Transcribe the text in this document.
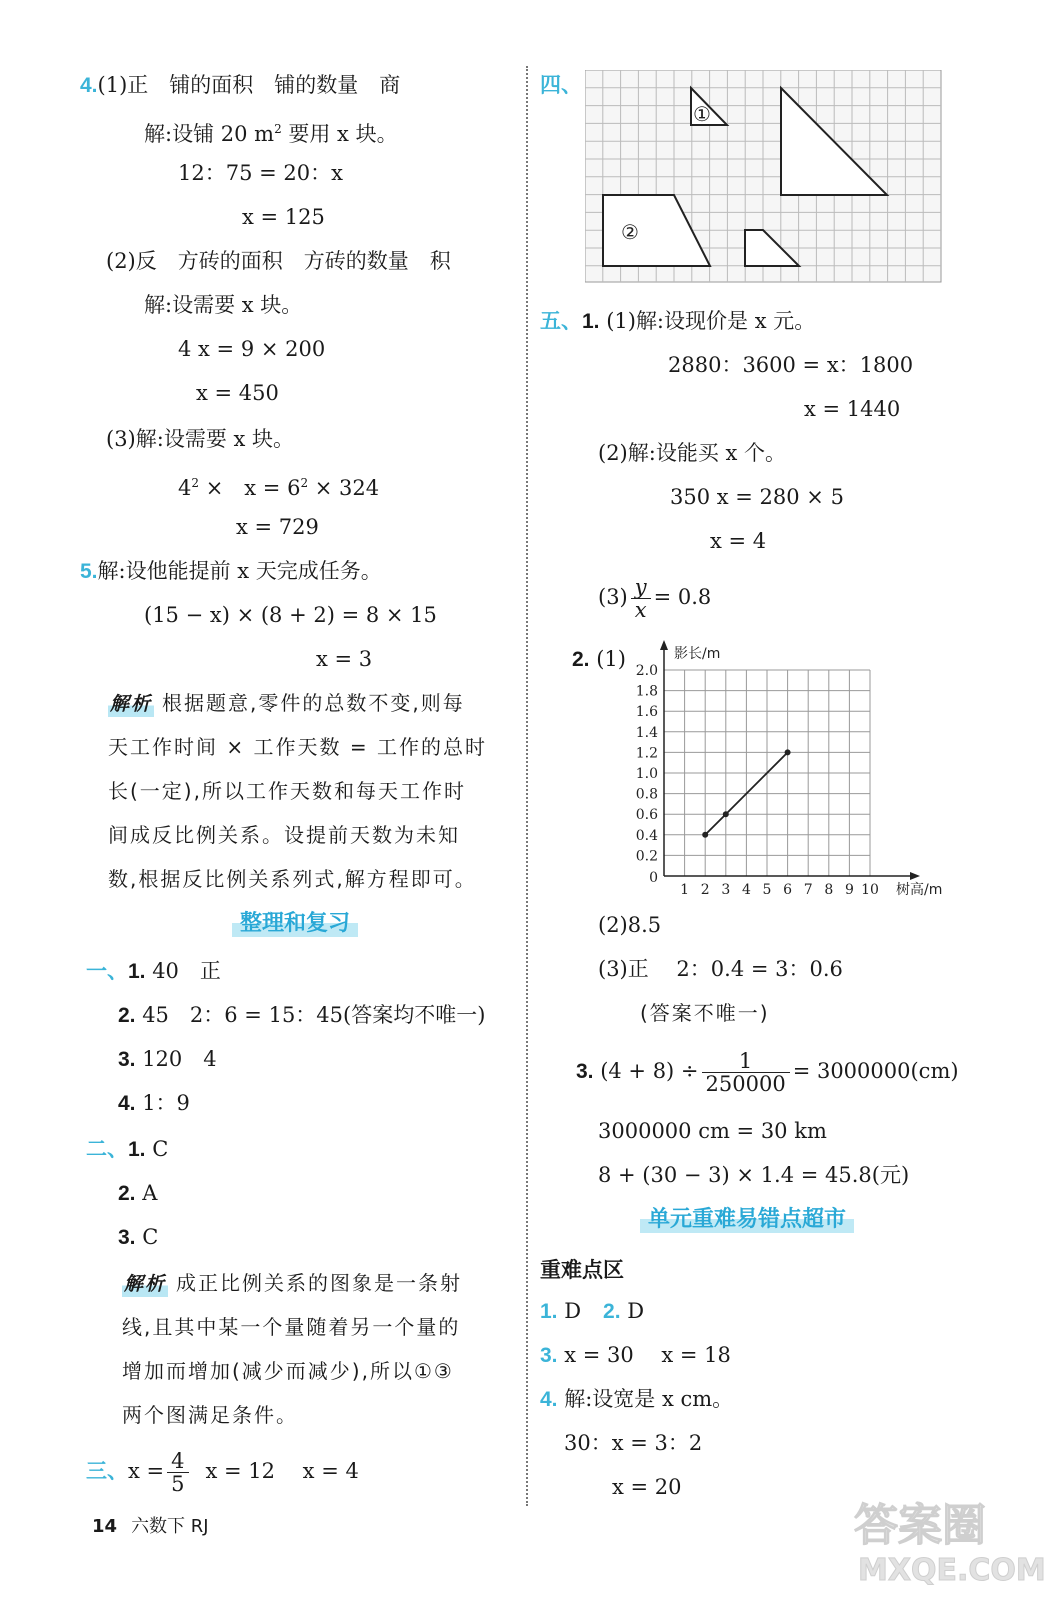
4.(1)正　铺的面积　铺的数量　商
解:设铺 20 $m^2$ 要用 x 块。
12：75 = 20：x
x = 125
(2)反　方砖的面积　方砖的数量　积
解:设需要 x 块。
4 x = 9 × 200
x = 450
(3)解:设需要 x 块。
$4^2$ ×　$x = 6^2 \times 324$
x = 729
5.解:设他能提前 x 天完成任务。
(15 − x) × (8 + 2) = 8 × 15
x = 3
解析 根据题意,零件的总数不变,则每
天工作时间 × 工作天数 = 工作的总时
长(一定),所以工作天数和每天工作时
间成反比例关系。设提前天数为未知
数,根据反比例关系列式,解方程即可。
整理和复习
一、1. 40　正
2. 45　2：6 = 15：45(答案均不唯一)
3. 120　4
4. 1：9
二、1. C
2. A
3. C
解析 成正比例关系的图象是一条射
线,且其中某一个量随着另一个量的
增加而增加(减少而减少),所以①③
两个图满足条件。
三、$x = \frac{4}{5}$ x = 12　 x = 4
四、
①
②
五、1. (1)解:设现价是 x 元。
2880：3600 = x：1800
x = 1440
(2)解:设能买 x 个。
350 x = 280 × 5
x = 4
$(3) \frac{y}{x} = 0.8$
2. (1)
1 2 3 4 5 6 7 8 9 10
0.2
0.4
0.6
0.8
1.0
1.2
1.4
1.6
1.8
2.0
0
树高/m
影长/m
(2)8.5
(3)正　 2：0.4 = 3：0.6
(答案不唯一)
3. $(4 + 8) \div \frac{1}{250000} = 3000000(cm)$
3000000 cm = 30 km
8 + (30 − 3) × 1.4 = 45.8(元)
单元重难易错点超市
重难点区
1. D 2. D
3. x = 30　 x = 18
4. 解:设宽是 x cm。
30：x = 3：2
x = 20
14 六数下 RJ	答案圈
MXQE.COM
